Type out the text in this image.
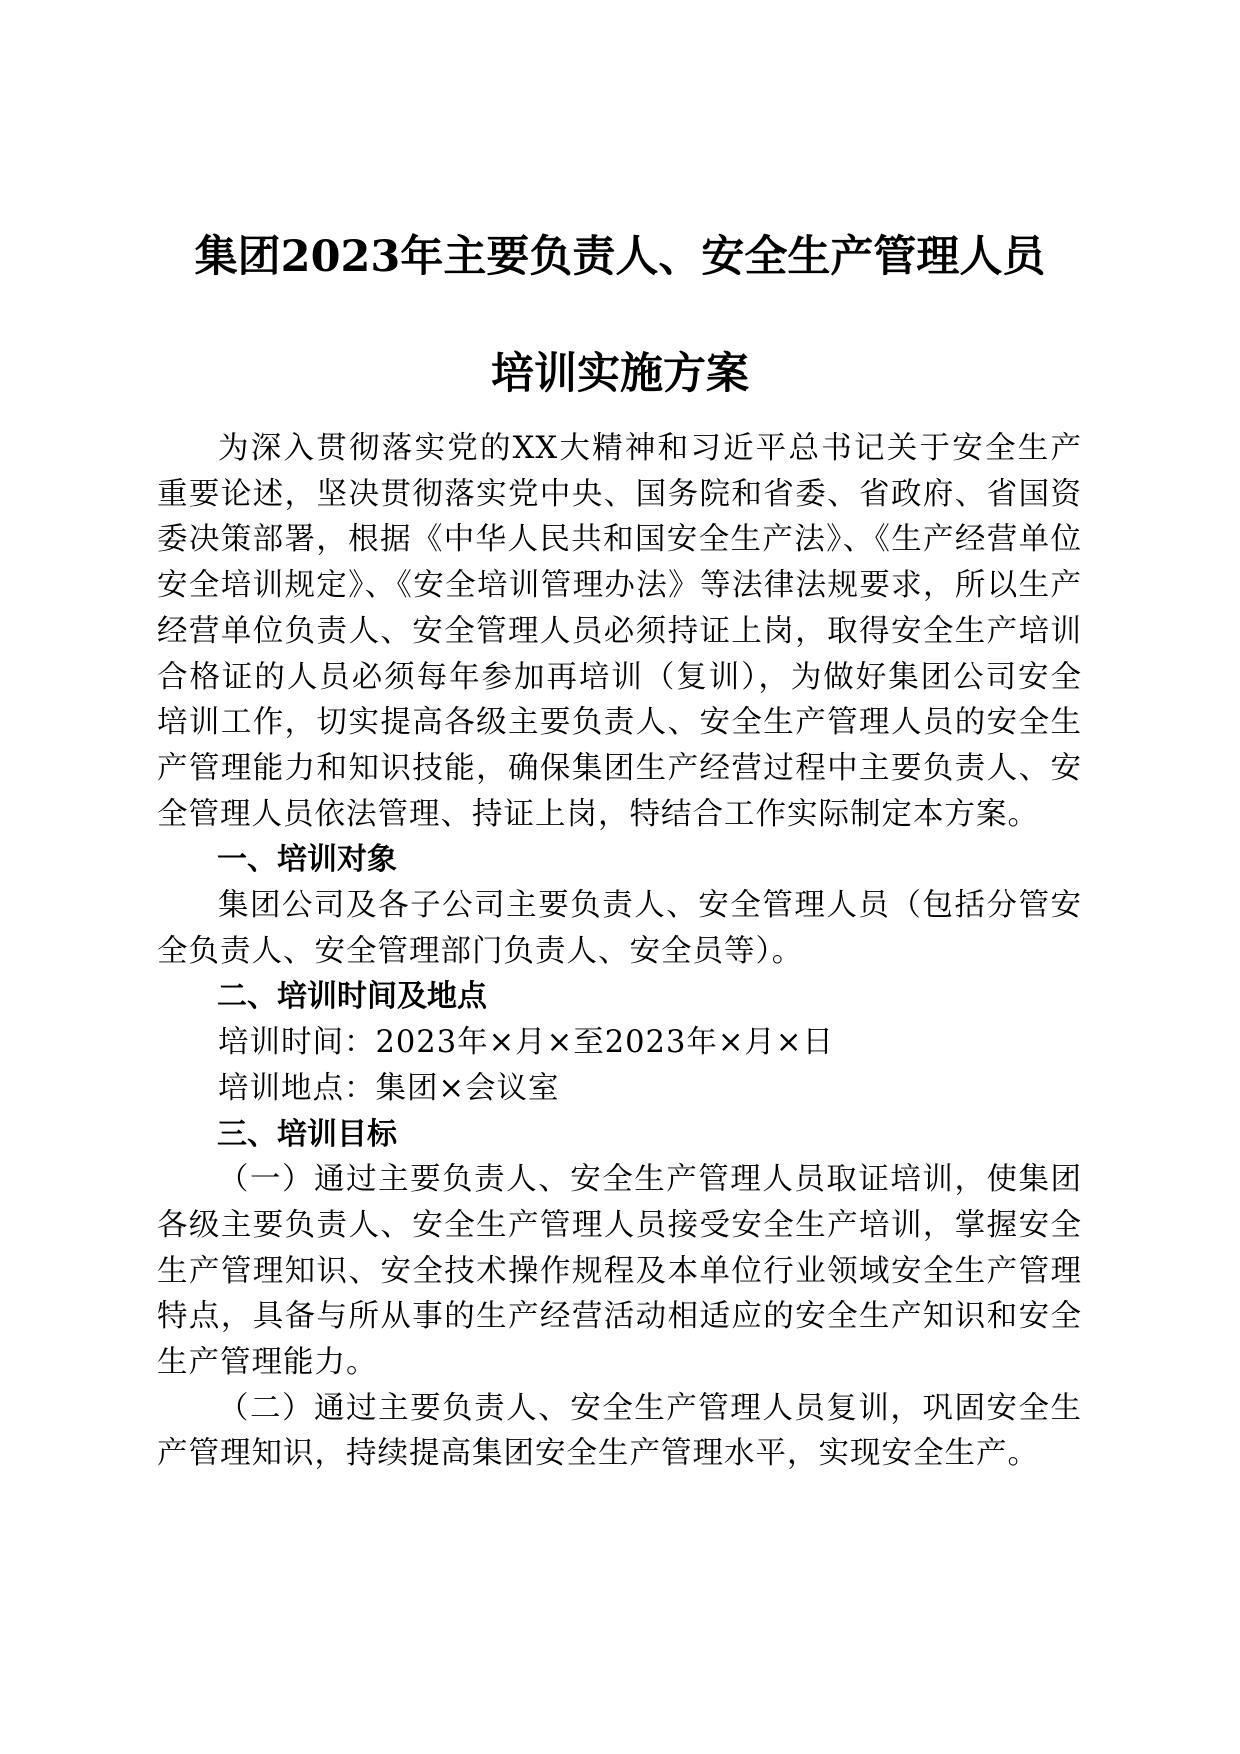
集团2023年主要负责人、安全生产管理人员
培训实施方案

为深入贯彻落实党的XX大精神和习近平总书记关于安全生产重要论述，坚决贯彻落实党中央、国务院和省委、省政府、省国资委决策部署，根据《中华人民共和国安全生产法》、《生产经营单位安全培训规定》、《安全培训管理办法》等法律法规要求，所以生产经营单位负责人、安全管理人员必须持证上岗，取得安全生产培训合格证的人员必须每年参加再培训（复训），为做好集团公司安全培训工作，切实提高各级主要负责人、安全生产管理人员的安全生产管理能力和知识技能，确保集团生产经营过程中主要负责人、安全管理人员依法管理、持证上岗，特结合工作实际制定本方案。

一、培训对象

集团公司及各子公司主要负责人、安全管理人员（包括分管安全负责人、安全管理部门负责人、安全员等）。

二、培训时间及地点

培训时间：2023年×月×至2023年×月×日

培训地点：集团×会议室

三、培训目标

（一）通过主要负责人、安全生产管理人员取证培训，使集团各级主要负责人、安全生产管理人员接受安全生产培训，掌握安全生产管理知识、安全技术操作规程及本单位行业领域安全生产管理特点，具备与所从事的生产经营活动相适应的安全生产知识和安全生产管理能力。

（二）通过主要负责人、安全生产管理人员复训，巩固安全生产管理知识，持续提高集团安全生产管理水平，实现安全生产。
